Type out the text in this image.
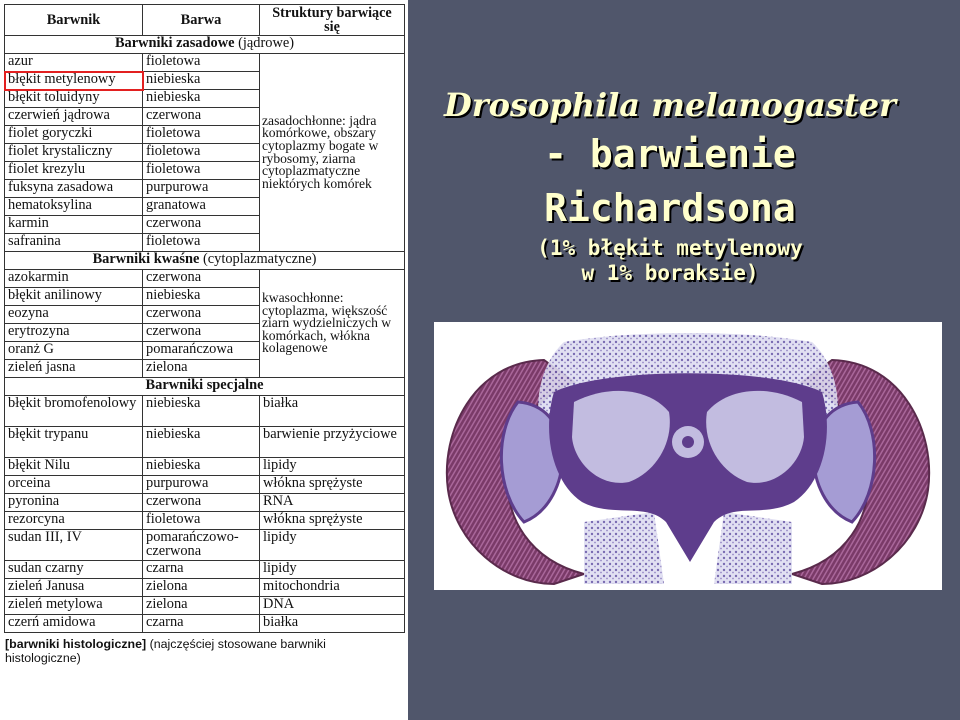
Barwnik	Barwa	Struktury barwiące się
Barwniki zasadowe (jądrowe)		
azur	fioletowa	zasadochłonne: jądra komórkowe, obszary cytoplazmy bogate w rybosomy, ziarna cytoplazmatyczne niektórych komórek
błękit metylenowy	niebieska	
błękit toluidyny	niebieska	
czerwień jądrowa	czerwona	
fiolet goryczki	fioletowa	
fiolet krystaliczny	fioletowa	
fiolet krezylu	fioletowa	
fuksyna zasadowa	purpurowa	
hematoksylina	granatowa	
karmin	czerwona	
safranina	fioletowa	
Barwniki kwaśne (cytoplazmatyczne)		
azokarmin	czerwona	kwasochłonne: cytoplazma, większość ziarn wydzielniczych w komórkach, włókna kolagenowe
błękit anilinowy	niebieska	
eozyna	czerwona	
erytrozyna	czerwona	
oranż G	pomarańczowa	
zieleń jasna	zielona	
Barwniki specjalne		
błękit bromofenolowy	niebieska	białka
błękit trypanu	niebieska	barwienie przyżyciowe
błękit Nilu	niebieska	lipidy
orceina	purpurowa	włókna sprężyste
pyronina	czerwona	RNA
rezorcyna	fioletowa	włókna sprężyste
sudan III, IV	pomarańczowo-czerwona	lipidy
sudan czarny	czarna	lipidy
zieleń Janusa	zielona	mitochondria
zieleń metylowa	zielona	DNA
czerń amidowa	czarna	białka
[barwniki histologiczne] (najczęściej stosowane barwniki histologiczne)
Drosophila melanogaster
- barwienie
Richardsona
(1% błękit metylenowy
w 1% boraksie)
